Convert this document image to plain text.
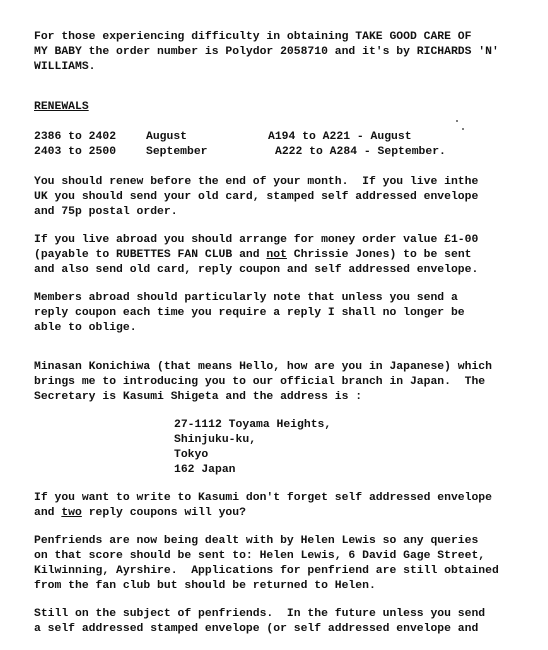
For those experiencing difficulty in obtaining TAKE GOOD CARE OF
MY BABY the order number is Polydor 2058710 and it's by RICHARDS 'N'
WILLIAMS.
RENEWALS
2386 to 2402	August	A194 to A221 - August
2403 to 2500	September	A222 to A284 - September.
You should renew before the end of your month.  If you live inthe
UK you should send your old card, stamped self addressed envelope
and 75p postal order.
If you live abroad you should arrange for money order value £1-00
(payable to RUBETTES FAN CLUB and not Chrissie Jones) to be sent
and also send old card, reply coupon and self addressed envelope.
Members abroad should particularly note that unless you send a
reply coupon each time you require a reply I shall no longer be
able to oblige.
Minasan Konichiwa (that means Hello, how are you in Japanese) which
brings me to introducing you to our official branch in Japan.  The
Secretary is Kasumi Shigeta and the address is :
27-1112 Toyama Heights,
Shinjuku-ku,
Tokyo
162 Japan
If you want to write to Kasumi don't forget self addressed envelope
and two reply coupons will you?
Penfriends are now being dealt with by Helen Lewis so any queries
on that score should be sent to: Helen Lewis, 6 David Gage Street,
Kilwinning, Ayrshire.  Applications for penfriend are still obtained
from the fan club but should be returned to Helen.
Still on the subject of penfriends.  In the future unless you send
a self addressed stamped envelope (or self addressed envelope and
